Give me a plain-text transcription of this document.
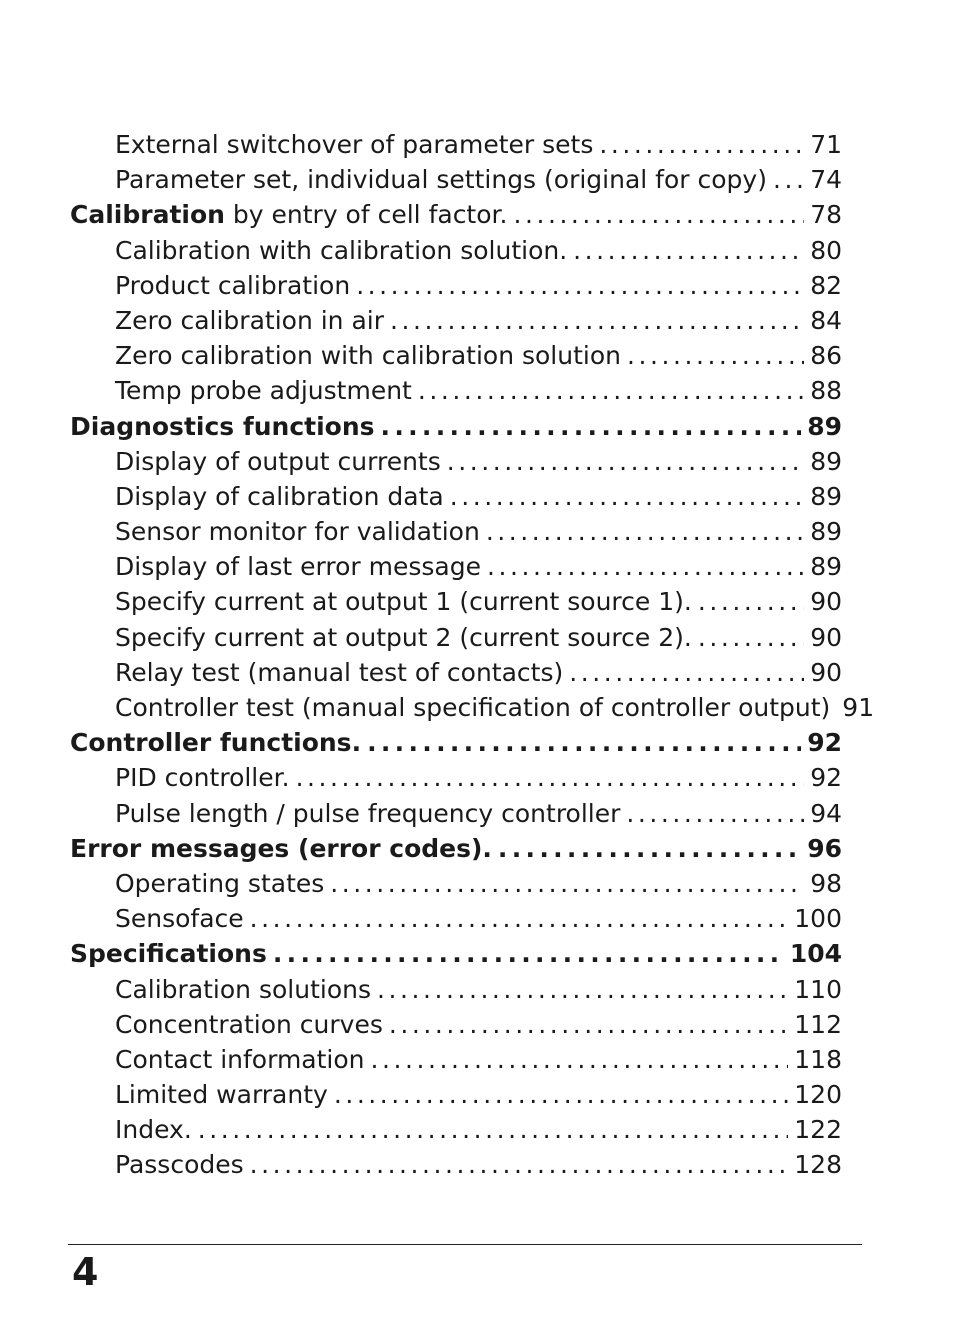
External switchover of parameter sets . . .	71
Parameter set, individual settings (original for copy) . . . 74
Calibration by entry of cell factor. . . .	78
Calibration with calibration solution. . . .	80
Product calibration . . .	82
Zero calibration in air . . .	84
Zero calibration with calibration solution . . .	86
Temp probe adjustment . . .	88
Diagnostics functions . . .	89
Display of output currents . . .	89
Display of calibration data . . .	89
Sensor monitor for validation . . .	89
Display of last error message . . .	89
Specify current at output 1 (current source 1). . . .	90
Specify current at output 2 (current source 2). . . .	90
Relay test (manual test of contacts) . . .	90
Controller test (manual specification of controller output) 91
Controller functions. . . .	92
PID controller. . . .	92
Pulse length / pulse frequency controller . . .	94
Error messages (error codes). . . .	96
Operating states . . .	98
Sensoface . . .	100
Specifications . . .	104
Calibration solutions . . .	110
Concentration curves . . .	112
Contact information . . .	118
Limited warranty . . .	120
Index. . . .	122
Passcodes . . .	128
4
